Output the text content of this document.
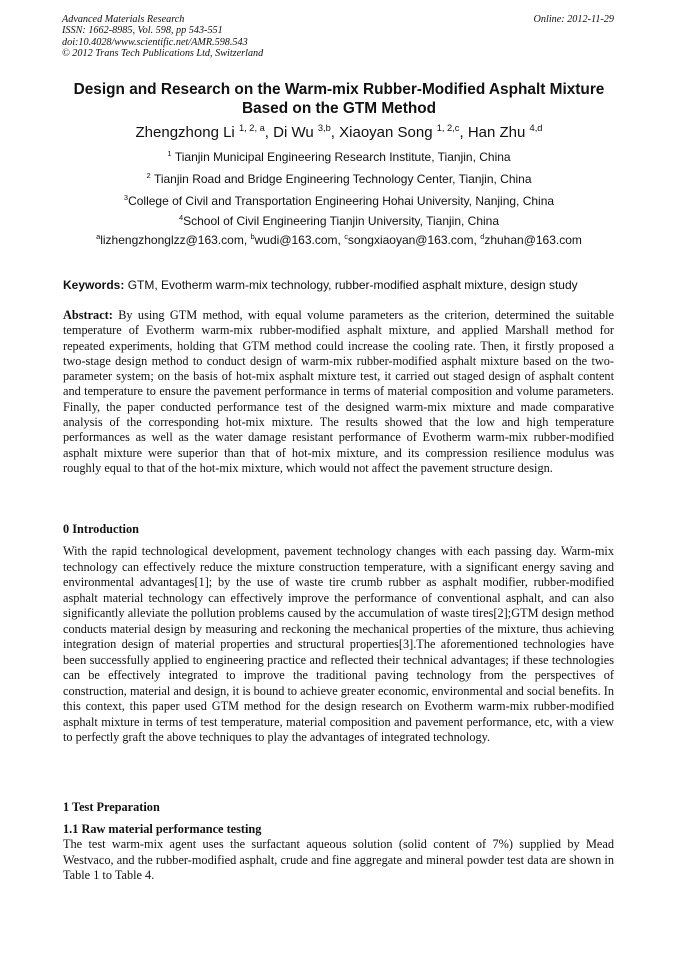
Advanced Materials Research
ISSN: 1662-8985, Vol. 598, pp 543-551
doi:10.4028/www.scientific.net/AMR.598.543
© 2012 Trans Tech Publications Ltd, Switzerland
Online: 2012-11-29
Design and Research on the Warm-mix Rubber-Modified Asphalt Mixture
Based on the GTM Method
Zhengzhong Li $^{1, 2, a}$, Di Wu $^{3,b}$, Xiaoyan Song $^{1, 2,c}$, Han Zhu $^{4,d}$
$^1$ Tianjin Municipal Engineering Research Institute, Tianjin, China
$^2$ Tianjin Road and Bridge Engineering Technology Center, Tianjin, China
$^3$College of Civil and Transportation Engineering Hohai University, Nanjing, China
$^4$School of Civil Engineering Tianjin University, Tianjin, China
$^a$lizhengzhonglzz@163.com, $^b$wudi@163.com, $^c$songxiaoyan@163.com, $^d$zhuhan@163.com
Keywords: GTM, Evotherm warm-mix technology, rubber-modified asphalt mixture, design study
Abstract: By using GTM method, with equal volume parameters as the criterion, determined the suitable temperature of Evotherm warm-mix rubber-modified asphalt mixture, and applied Marshall method for repeated experiments, holding that GTM method could increase the cooling rate. Then, it firstly proposed a two-stage design method to conduct design of warm-mix rubber-modified asphalt mixture based on the two-parameter system; on the basis of hot-mix asphalt mixture test, it carried out staged design of asphalt content and temperature to ensure the pavement performance in terms of material composition and volume parameters. Finally, the paper conducted performance test of the designed warm-mix mixture and made comparative analysis of the corresponding hot-mix mixture. The results showed that the low and high temperature performances as well as the water damage resistant performance of Evotherm warm-mix rubber-modified asphalt mixture were superior than that of hot-mix mixture, and its compression resilience modulus was roughly equal to that of the hot-mix mixture, which would not affect the pavement structure design.
0 Introduction
With the rapid technological development, pavement technology changes with each passing day. Warm-mix technology can effectively reduce the mixture construction temperature, with a significant energy saving and environmental advantages[1]; by the use of waste tire crumb rubber as asphalt modifier, rubber-modified asphalt material technology can effectively improve the performance of conventional asphalt, and can also significantly alleviate the pollution problems caused by the accumulation of waste tires[2];GTM design method conducts material design by measuring and reckoning the mechanical properties of the mixture, thus achieving integration design of material properties and structural properties[3].The aforementioned technologies have been successfully applied to engineering practice and reflected their technical advantages; if these technologies can be effectively integrated to improve the traditional paving technology from the perspectives of construction, material and design, it is bound to achieve greater economic, environmental and social benefits. In this context, this paper used GTM method for the design research on Evotherm warm-mix rubber-modified asphalt mixture in terms of test temperature, material composition and pavement performance, etc, with a view to perfectly graft the above techniques to play the advantages of integrated technology.
1 Test Preparation
1.1 Raw material performance testing
The test warm-mix agent uses the surfactant aqueous solution (solid content of 7%) supplied by Mead Westvaco, and the rubber-modified asphalt, crude and fine aggregate and mineral powder test data are shown in Table 1 to Table 4.
